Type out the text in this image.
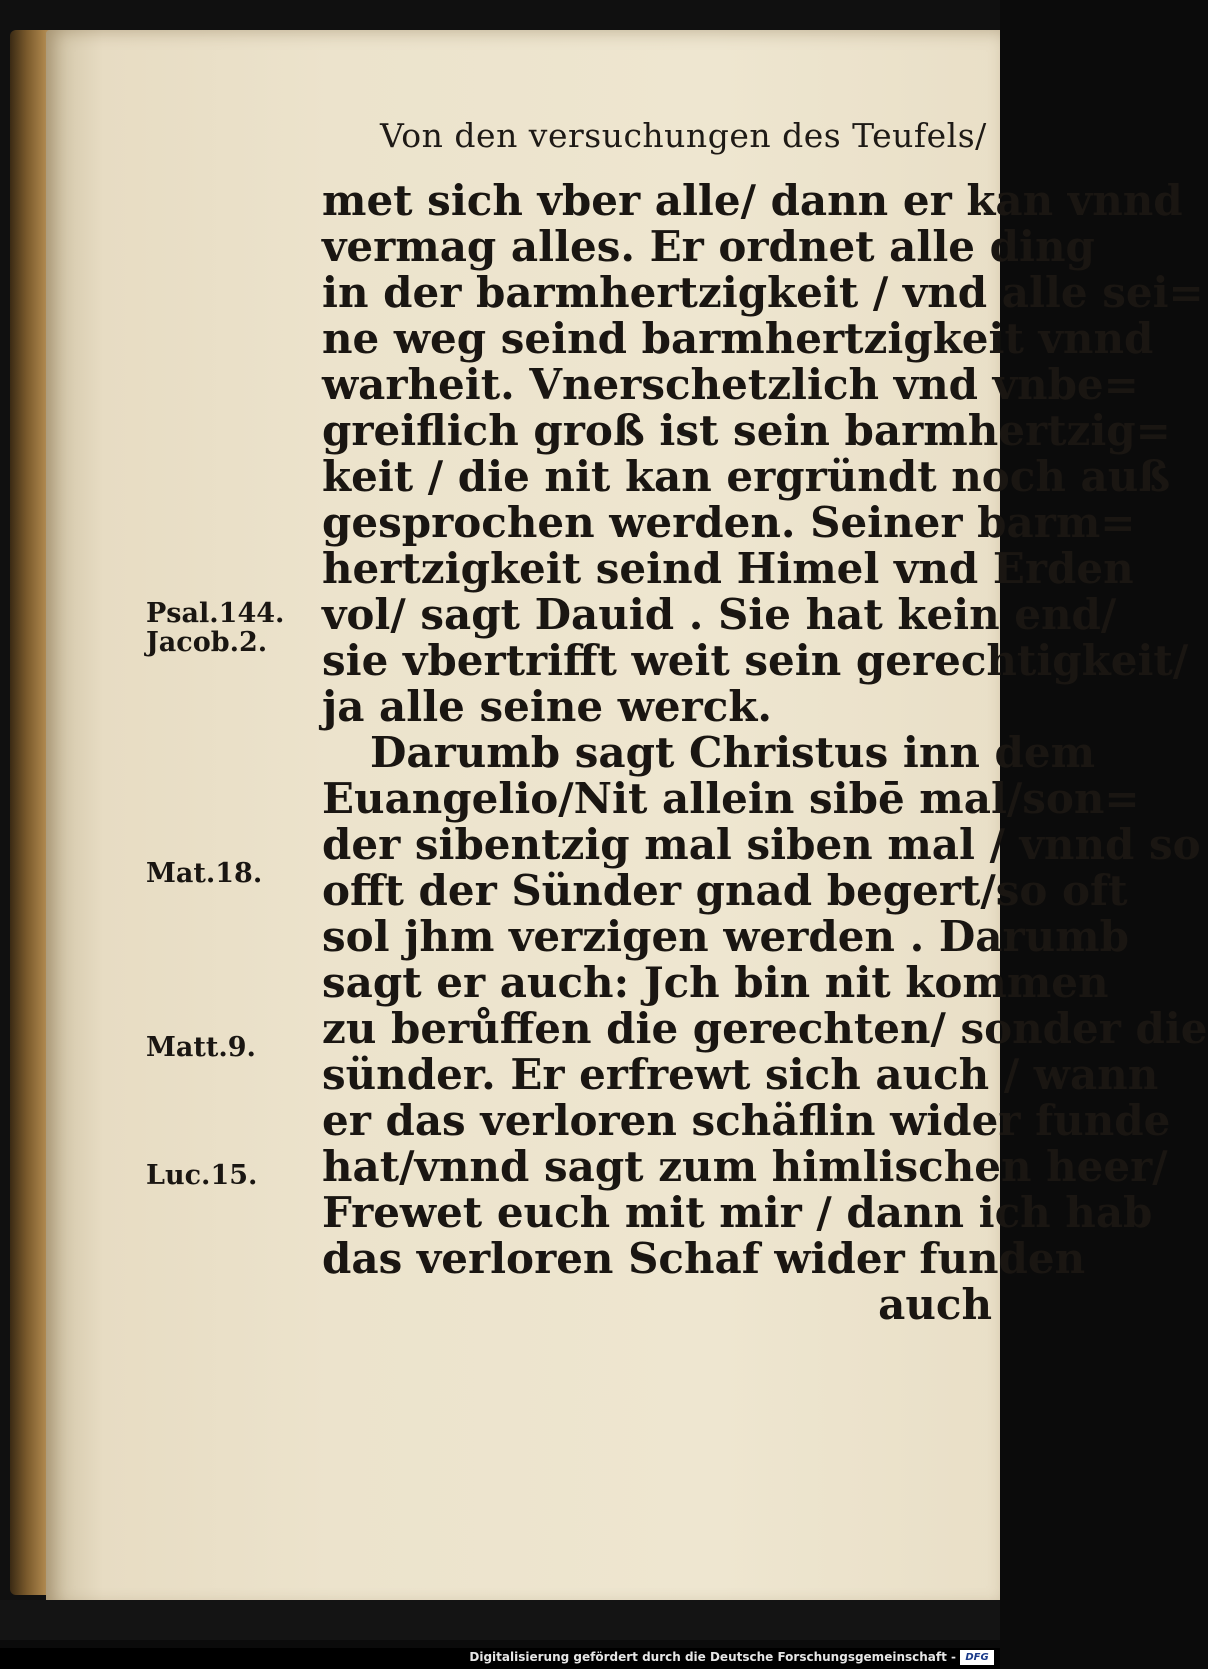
Von den versuchungen des Teufels/
met sich vber alle/ dann er kan vnnd
vermag alles. Er ordnet alle ding
in der barmhertzigkeit / vnd alle sei=
ne weg seind barmhertzigkeit vnnd
warheit. Vnerschetzlich vnd vnbe=
greiflich groß ist sein barmhertzig=
keit / die nit kan ergründt noch auß
gesprochen werden. Seiner barm=
hertzigkeit seind Himel vnd Erden
vol/ sagt Dauid . Sie hat kein end/
sie vbertrifft weit sein gerechtigkeit/
ja alle seine werck.
Darumb sagt Christus inn dem
Euangelio/Nit allein sibē mal/son=
der sibentzig mal siben mal / vnnd so
offt der Sünder gnad begert/so oft
sol jhm verzigen werden . Darumb
sagt er auch: Jch bin nit kommen
zu berůffen die gerechten/ sonder die
sünder. Er erfrewt sich auch / wann
er das verloren schäflin wider funde
hat/vnnd sagt zum himlischen heer/
Frewet euch mit mir / dann ich hab
das verloren Schaf wider funden
auch
Psal.144.
Jacob.2.
Mat.18.
Matt.9.
Luc.15.
Digitalisierung gefördert durch die Deutsche Forschungsgemeinschaft - DFG
